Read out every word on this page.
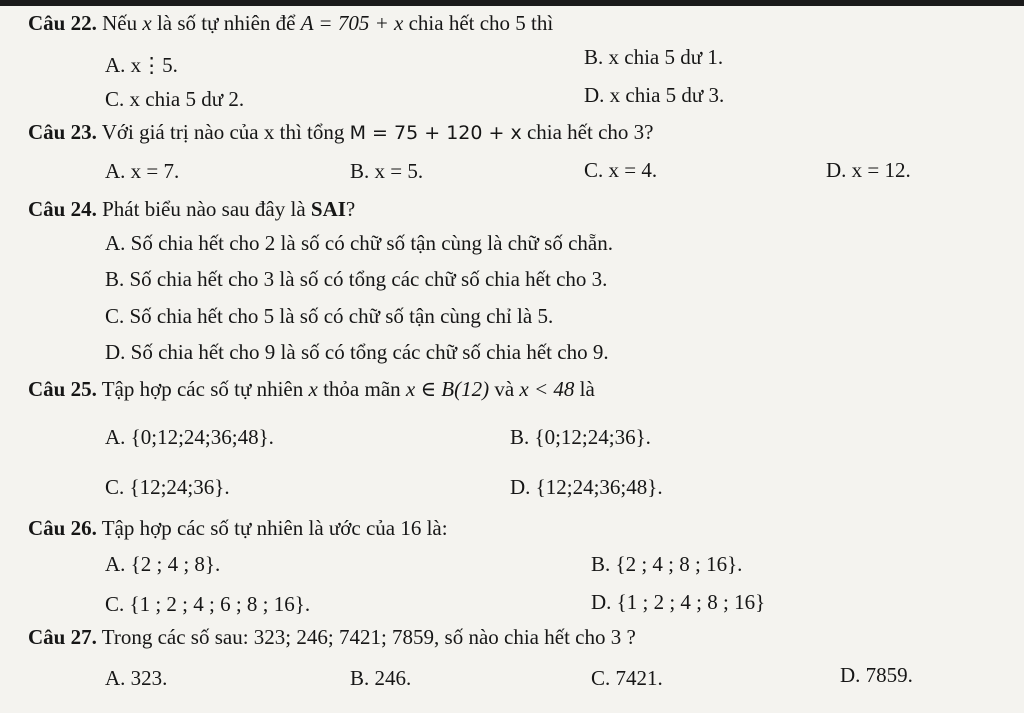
Câu 22. Nếu x là số tự nhiên để A = 705 + x chia hết cho 5 thì
A. x⋮5.	B. x chia 5 dư 1.
C. x chia 5 dư 2.	D. x chia 5 dư 3.
Câu 23. Với giá trị nào của x thì tổng M = 75 + 120 + x chia hết cho 3?
A. x = 7.	B. x = 5.	C. x = 4.	D. x = 12.
Câu 24. Phát biểu nào sau đây là SAI?
A. Số chia hết cho 2 là số có chữ số tận cùng là chữ số chẵn.
B. Số chia hết cho 3 là số có tổng các chữ số chia hết cho 3.
C. Số chia hết cho 5 là số có chữ số tận cùng chỉ là 5.
D. Số chia hết cho 9 là số có tổng các chữ số chia hết cho 9.
Câu 25. Tập hợp các số tự nhiên x thỏa mãn x ∈ B(12) và x < 48 là
A. {0;12;24;36;48}.	B. {0;12;24;36}.
C. {12;24;36}.	D. {12;24;36;48}.
Câu 26. Tập hợp các số tự nhiên là ước của 16 là:
A. {2 ; 4 ; 8}.	B. {2 ; 4 ; 8 ; 16}.
C. {1 ; 2 ; 4 ; 6 ; 8 ; 16}.	D. {1 ; 2 ; 4 ; 8 ; 16}
Câu 27. Trong các số sau: 323; 246; 7421; 7859, số nào chia hết cho 3 ?
A. 323.	B. 246.	C. 7421.	D. 7859.
